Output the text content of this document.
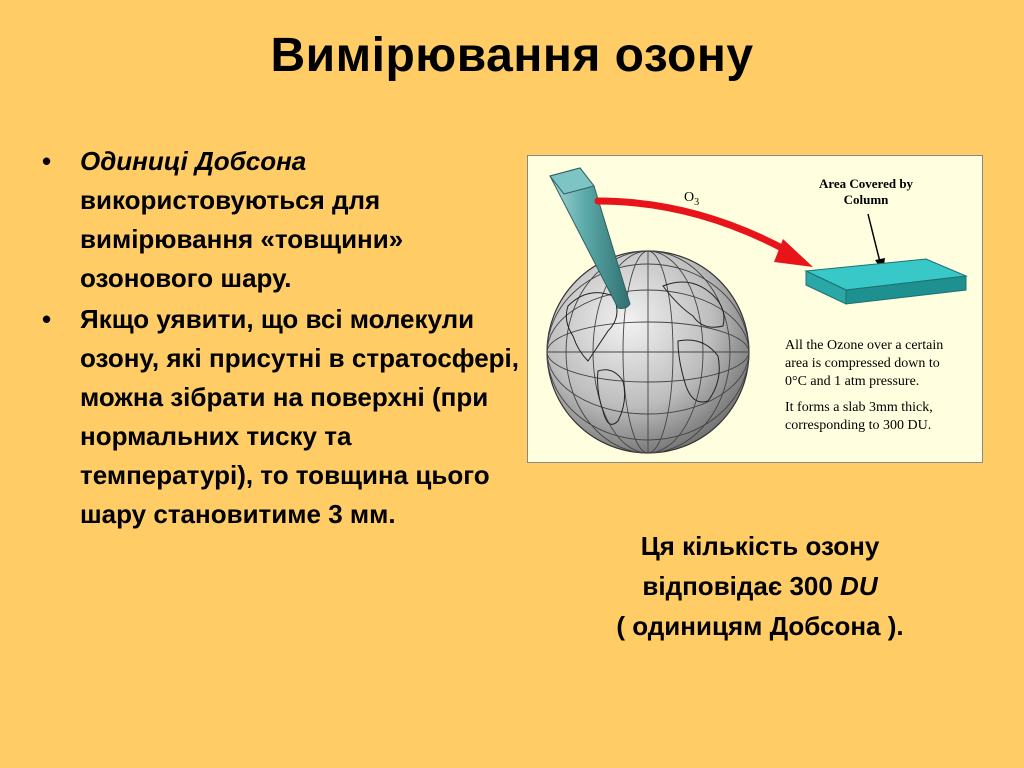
Вимірювання озону
• Одиниці Добсона використовуються для вимірювання «товщини» озонового шару.
• Якщо уявити, що всі молекули озону, які присутні в стратосфері, можна зібрати на поверхні (при нормальних тиску та температурі), то товщина цього шару становитиме 3 мм.
$O_3$
Area Covered by
Column
All the Ozone over a certain
area is compressed down to
0°C and 1 atm pressure.
It forms a slab 3mm thick,
corresponding to 300 DU.
Ця кількість озону
відповідає 300 DU
( одиницям Добсона ).
